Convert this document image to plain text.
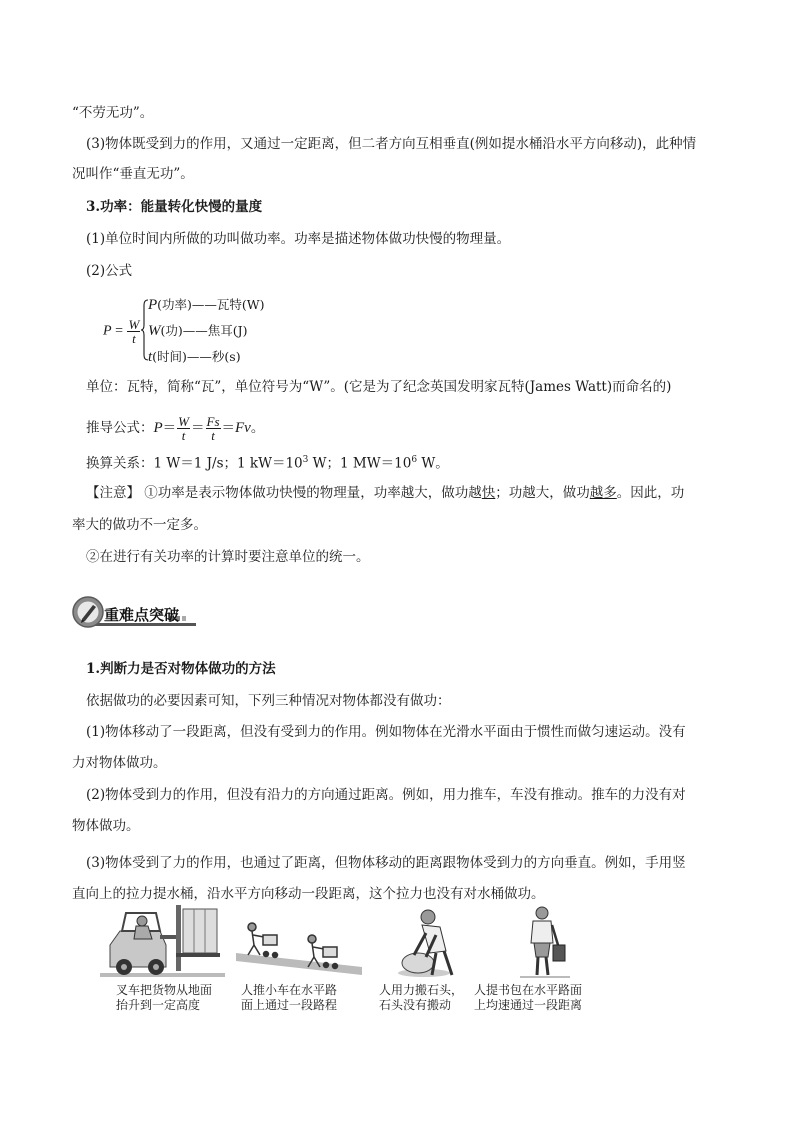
“不劳无功”。
(3)物体既受到力的作用，又通过一定距离，但二者方向互相垂直(例如提水桶沿水平方向移动)，此种情
况叫作“垂直无功”。
3.功率：能量转化快慢的量度
(1)单位时间内所做的功叫做功率。功率是描述物体做功快慢的物理量。
(2)公式
$P = \frac{W}{t}$
P(功率)——瓦特(W)
W(功)——焦耳(J)
t(时间)——秒(s)
单位：瓦特，简称“瓦”，单位符号为“W”。(它是为了纪念英国发明家瓦特(James Watt)而命名的)
推导公式：$P= \frac{W}{t} = \frac{Fs}{t} =Fv$。
换算关系：1 W＝1 J/s；1 $kW=10^3$ W；1 $MW=10^6$ W。
【注意】 ①功率是表示物体做功快慢的物理量，功率越大，做功越快；功越大，做功越多。因此，功
率大的做功不一定多。
②在进行有关功率的计算时要注意单位的统一。
重难点突破
1.判断力是否对物体做功的方法
依据做功的必要因素可知，下列三种情况对物体都没有做功：
(1)物体移动了一段距离，但没有受到力的作用。例如物体在光滑水平面由于惯性而做匀速运动。没有
力对物体做功。
(2)物体受到力的作用，但没有沿力的方向通过距离。例如，用力推车，车没有推动。推车的力没有对
物体做功。
(3)物体受到了力的作用，也通过了距离，但物体移动的距离跟物体受到力的方向垂直。例如，手用竖
直向上的拉力提水桶，沿水平方向移动一段距离，这个拉力也没有对水桶做功。
叉车把货物从地面
抬升到一定高度
人推小车在水平路
面上通过一段路程
人用力搬石头，
石头没有搬动
人提书包在水平路面
上均速通过一段距离
